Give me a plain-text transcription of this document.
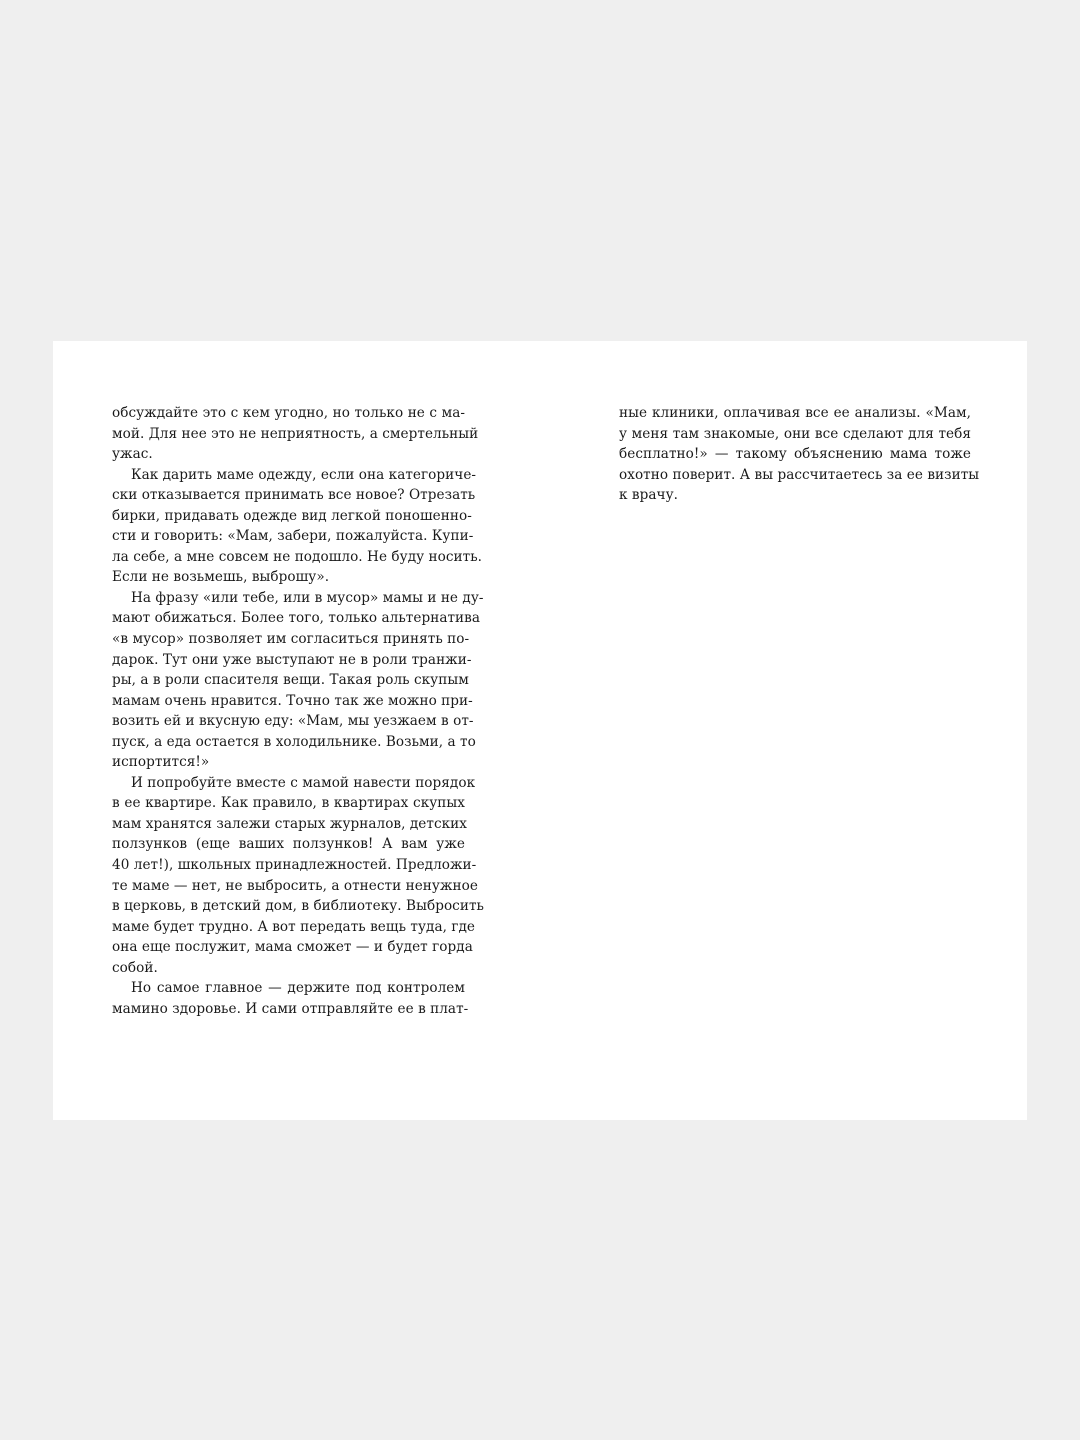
обсуждайте это с кем угодно, но только не с ма-
мой. Для нее это не неприятность, а смертельный
ужас.
Как дарить маме одежду, если она категориче-
ски отказывается принимать все новое? Отрезать
бирки, придавать одежде вид легкой поношенно-
сти и говорить: «Мам, забери, пожалуйста. Купи-
ла себе, а мне совсем не подошло. Не буду носить.
Если не возьмешь, выброшу».
На фразу «или тебе, или в мусор» мамы и не ду-
мают обижаться. Более того, только альтернатива
«в мусор» позволяет им согласиться принять по-
дарок. Тут они уже выступают не в роли транжи-
ры, а в роли спасителя вещи. Такая роль скупым
мамам очень нравится. Точно так же можно при-
возить ей и вкусную еду: «Мам, мы уезжаем в от-
пуск, а еда остается в холодильнике. Возьми, а то
испортится!»
И попробуйте вместе с мамой навести порядок
в ее квартире. Как правило, в квартирах скупых
мам хранятся залежи старых журналов, детских
ползунков (еще ваших ползунков! А вам уже
40 лет!), школьных принадлежностей. Предложи-
те маме — нет, не выбросить, а отнести ненужное
в церковь, в детский дом, в библиотеку. Выбросить
маме будет трудно. А вот передать вещь туда, где
она еще послужит, мама сможет — и будет горда
собой.
Но самое главное — держите под контролем
мамино здоровье. И сами отправляйте ее в плат-
ные клиники, оплачивая все ее анализы. «Мам,
у меня там знакомые, они все сделают для тебя
бесплатно!» — такому объяснению мама тоже
охотно поверит. А вы рассчитаетесь за ее визиты
к врачу.
